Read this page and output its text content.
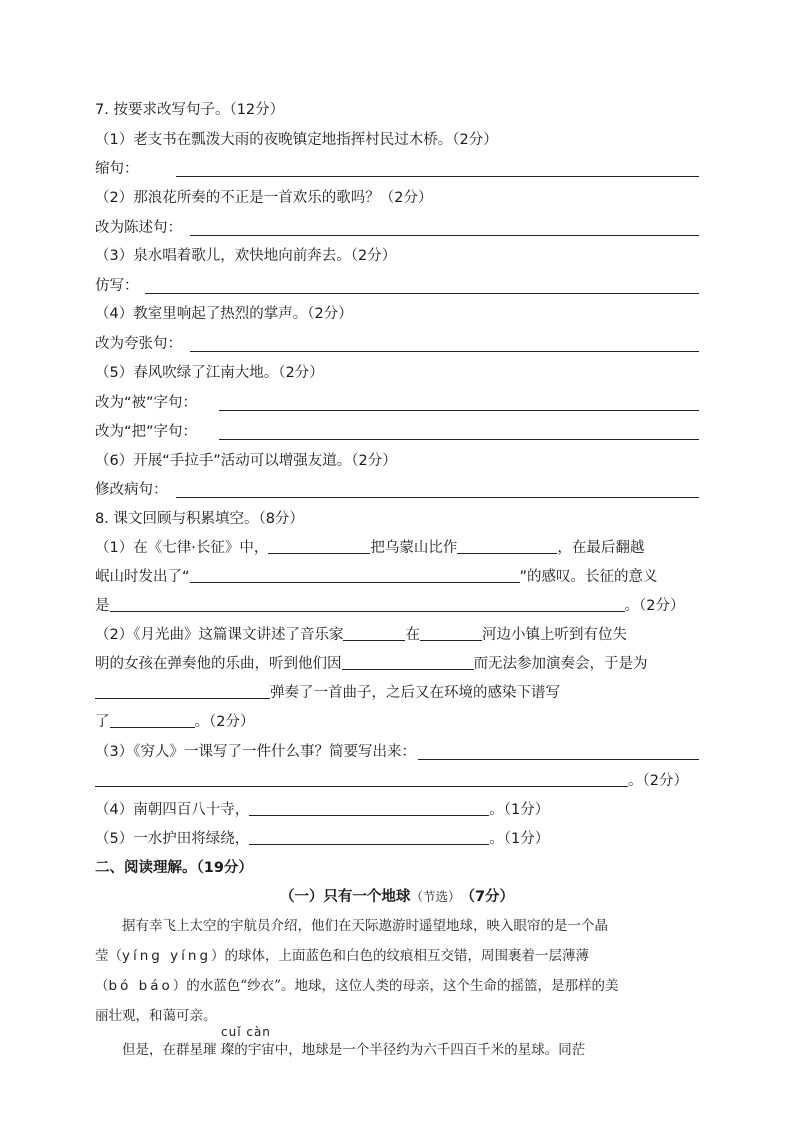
7. 按要求改写句子。（12分）
（1）老支书在瓢泼大雨的夜晚镇定地指挥村民过木桥。（2分）
缩句：
（2）那浪花所奏的不正是一首欢乐的歌吗？（2分）
改为陈述句：
（3）泉水唱着歌儿，欢快地向前奔去。（2分）
仿写：
（4）教室里响起了热烈的掌声。（2分）
改为夸张句：
（5）春风吹绿了江南大地。（2分）
改为“被”字句：
改为“把”字句：
（6）开展“手拉手”活动可以增强友道。（2分）
修改病句：
8. 课文回顾与积累填空。（8分）
（1）在《七律·长征》中，	把乌蒙山比作	，在最后翻越
岷山时发出了“	”的感叹。长征的意义
是	。（2分）
（2）《月光曲》这篇课文讲述了音乐家	在	河边小镇上听到有位失
明的女孩在弹奏他的乐曲，听到他们因	而无法参加演奏会，于是为
弹奏了一首曲子，之后又在环境的感染下谱写
了	。（2分）
（3）《穷人》一课写了一件什么事？简要写出来：
。（2分）
（4）南朝四百八十寺，	。（1分）
（5）一水护田将绿绕，	。（1分）
二、阅读理解。（19分）
（一）只有一个地球（节选）（7分）
据有幸飞上太空的宇航员介绍，他们在天际遨游时遥望地球，映入眼帘的是一个晶
莹（yíng yíng）的球体，上面蓝色和白色的纹痕相互交错，周围裹着一层薄薄
（bó báo）的水蓝色“纱衣”。地球，这位人类的母亲，这个生命的摇篮，是那样的美
丽壮观，和蔼可亲。
cuǐ càn
但是，在群星璀 璨的宇宙中，地球是一个半径约为六千四百千米的星球。同茫
